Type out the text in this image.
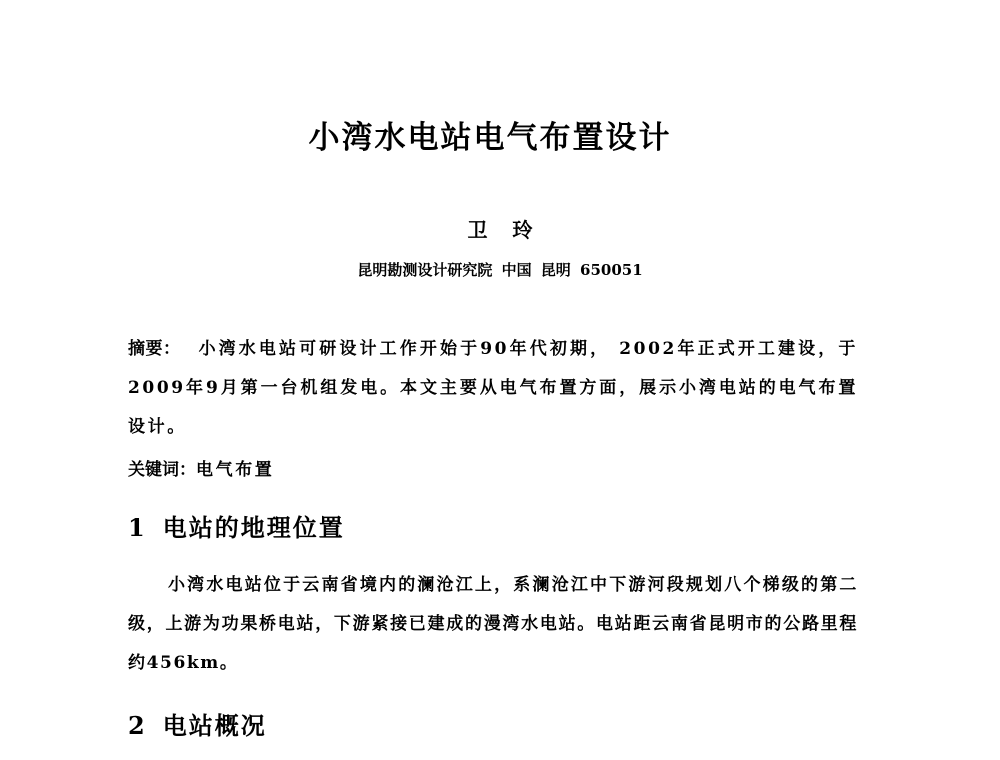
小湾水电站电气布置设计
卫 玲
昆明勘测设计研究院 中国 昆明 650051
摘要： 小湾水电站可研设计工作开始于90年代初期， 2002年正式开工建设，于2009年9月第一台机组发电。本文主要从电气布置方面，展示小湾电站的电气布置设计。
关键词：电气布置
1 电站的地理位置
小湾水电站位于云南省境内的澜沧江上，系澜沧江中下游河段规划八个梯级的第二级，上游为功果桥电站，下游紧接已建成的漫湾水电站。电站距云南省昆明市的公路里程约456km。
2 电站概况
